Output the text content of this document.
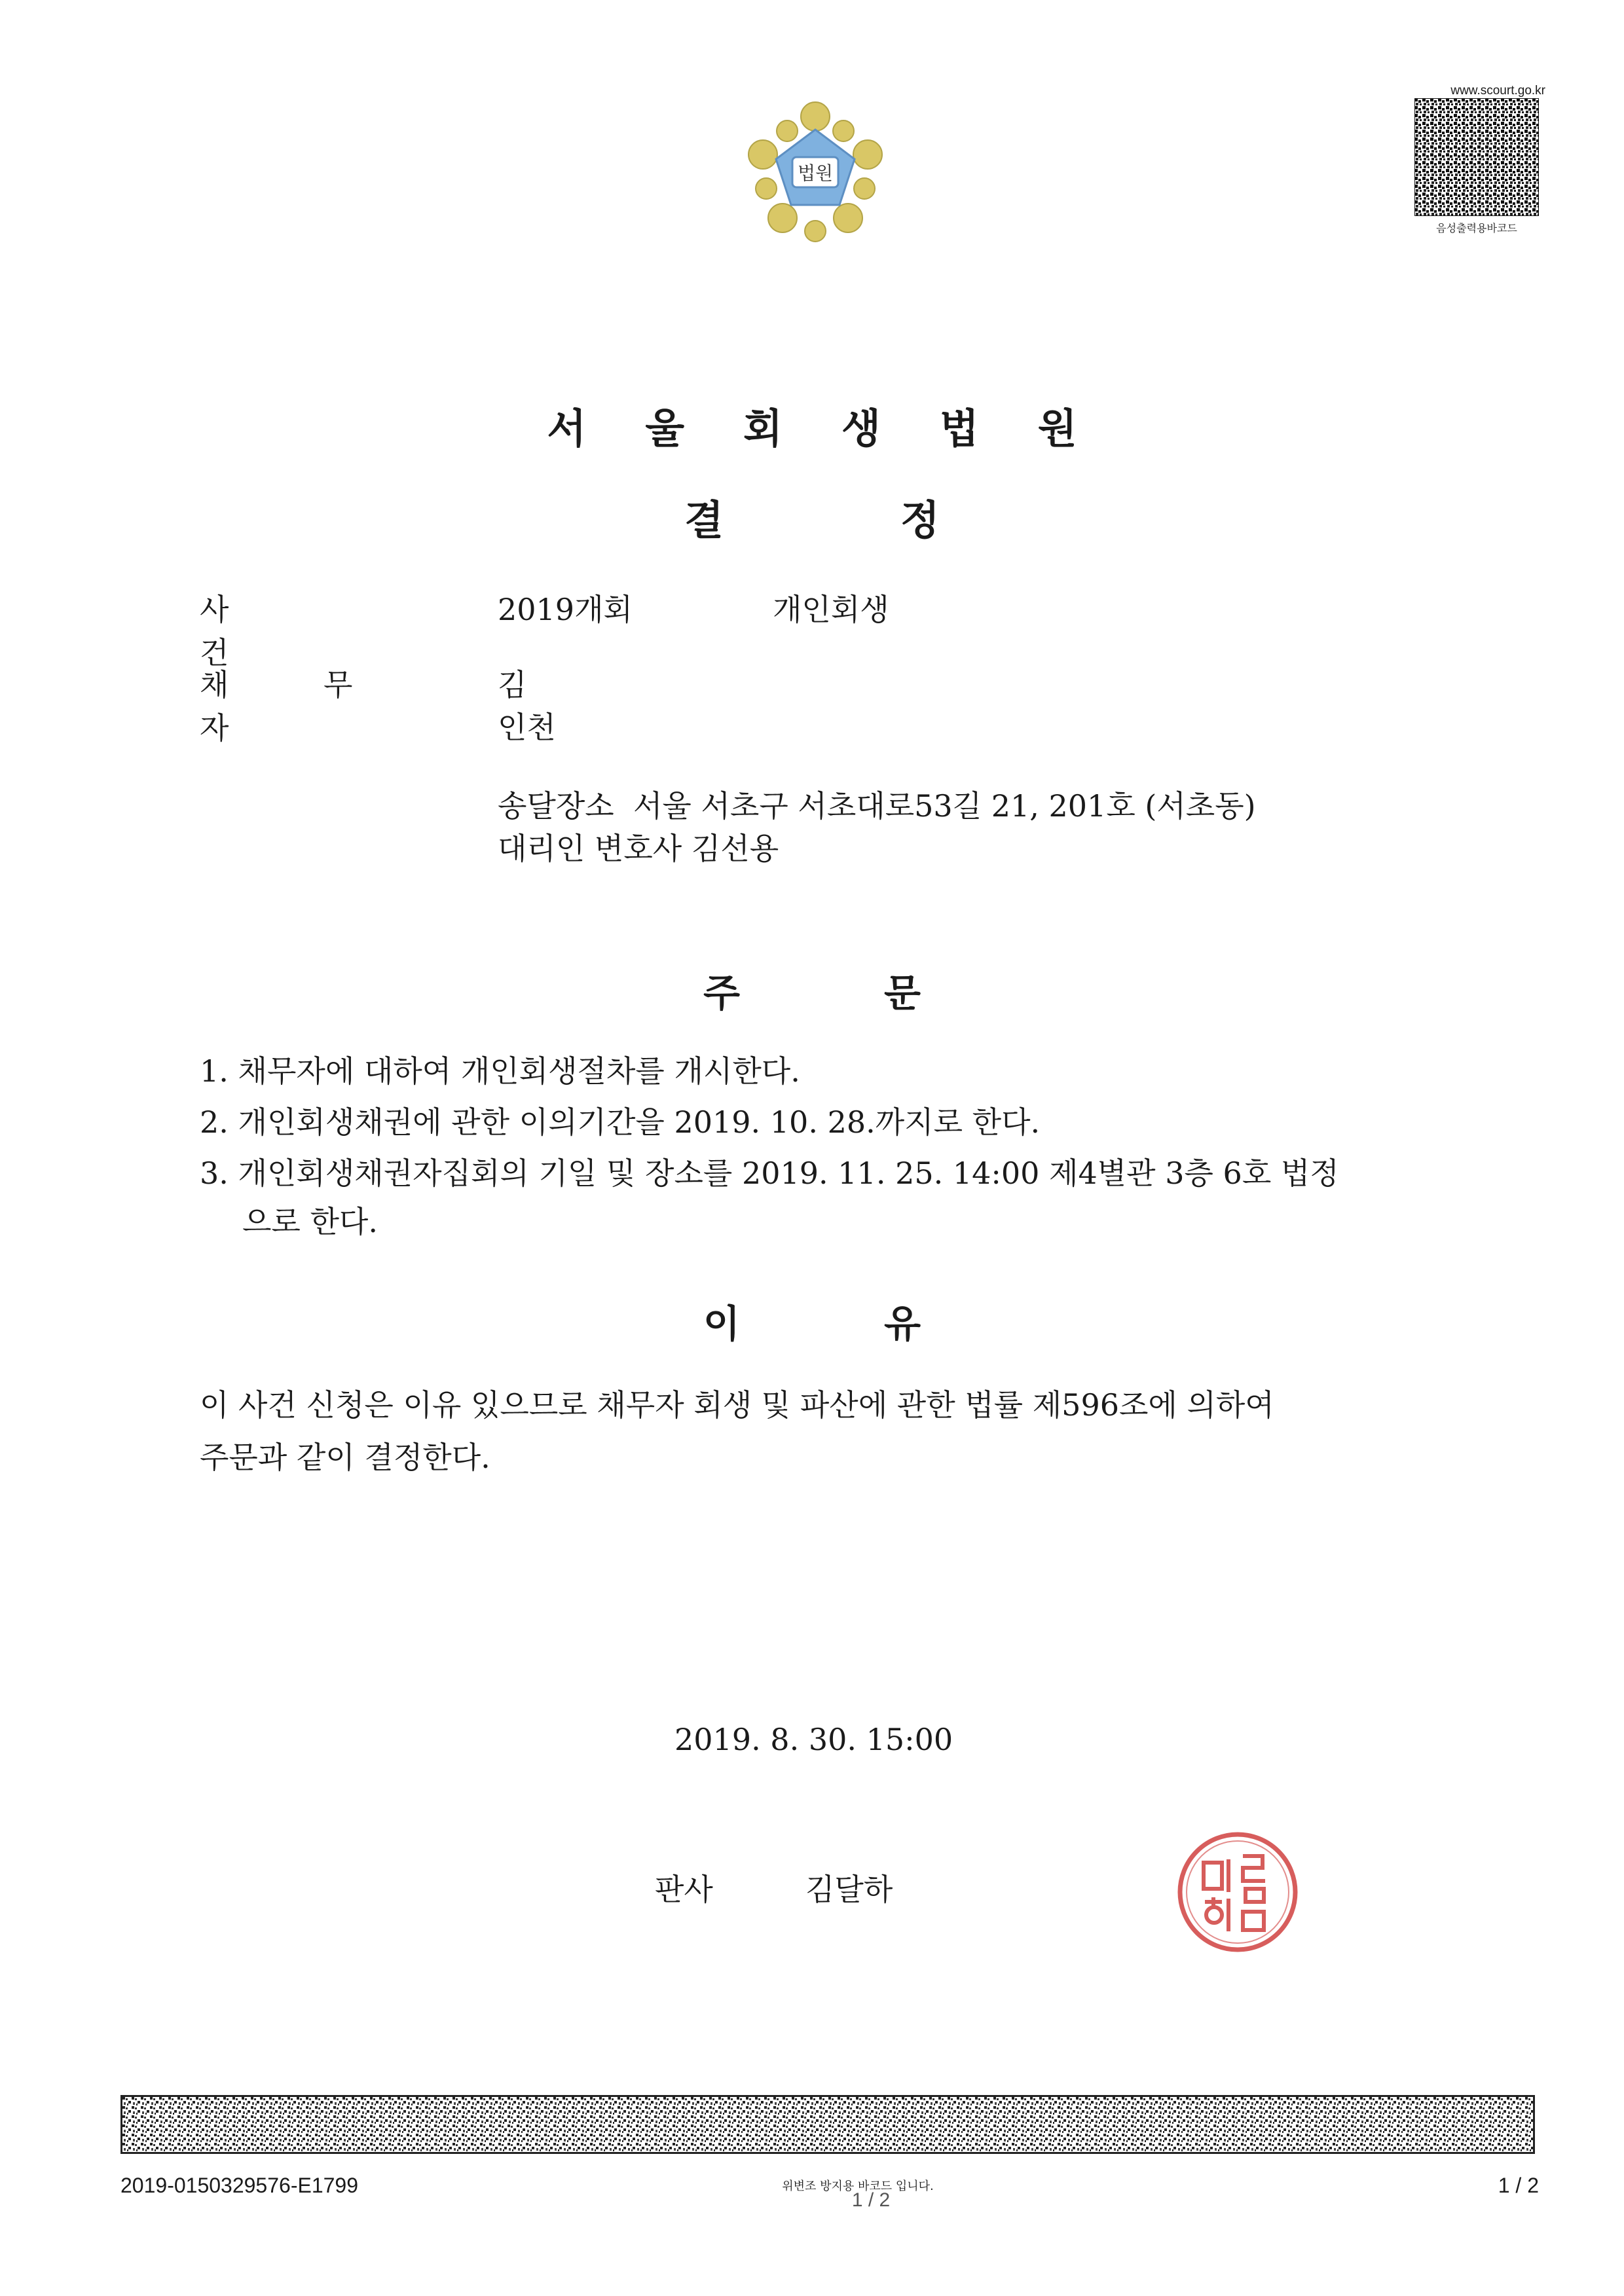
법원
www.scourt.go.kr
음성출력용바코드
서울회생법원
결정
사 건
2019개회	개인회생
채 무 자
김
인천
송달장소  서울 서초구 서초대로53길 21, 201호 (서초동)
대리인 변호사 김선용
주문
1. 채무자에 대하여 개인회생절차를 개시한다.
2. 개인회생채권에 관한 이의기간을 2019. 10. 28.까지로 한다.
3. 개인회생채권자집회의 기일 및 장소를 2019. 11. 25. 14:00 제4별관 3층 6호 법정
으로 한다.
이유
이 사건 신청은 이유 있으므로 채무자 회생 및 파산에 관한 법률 제596조에 의하여
주문과 같이 결정한다.
2019. 8. 30. 15:00
판사	김달하
2019-0150329576-E1799	위변조 방지용 바코드 입니다.
1 / 2
1 / 2
